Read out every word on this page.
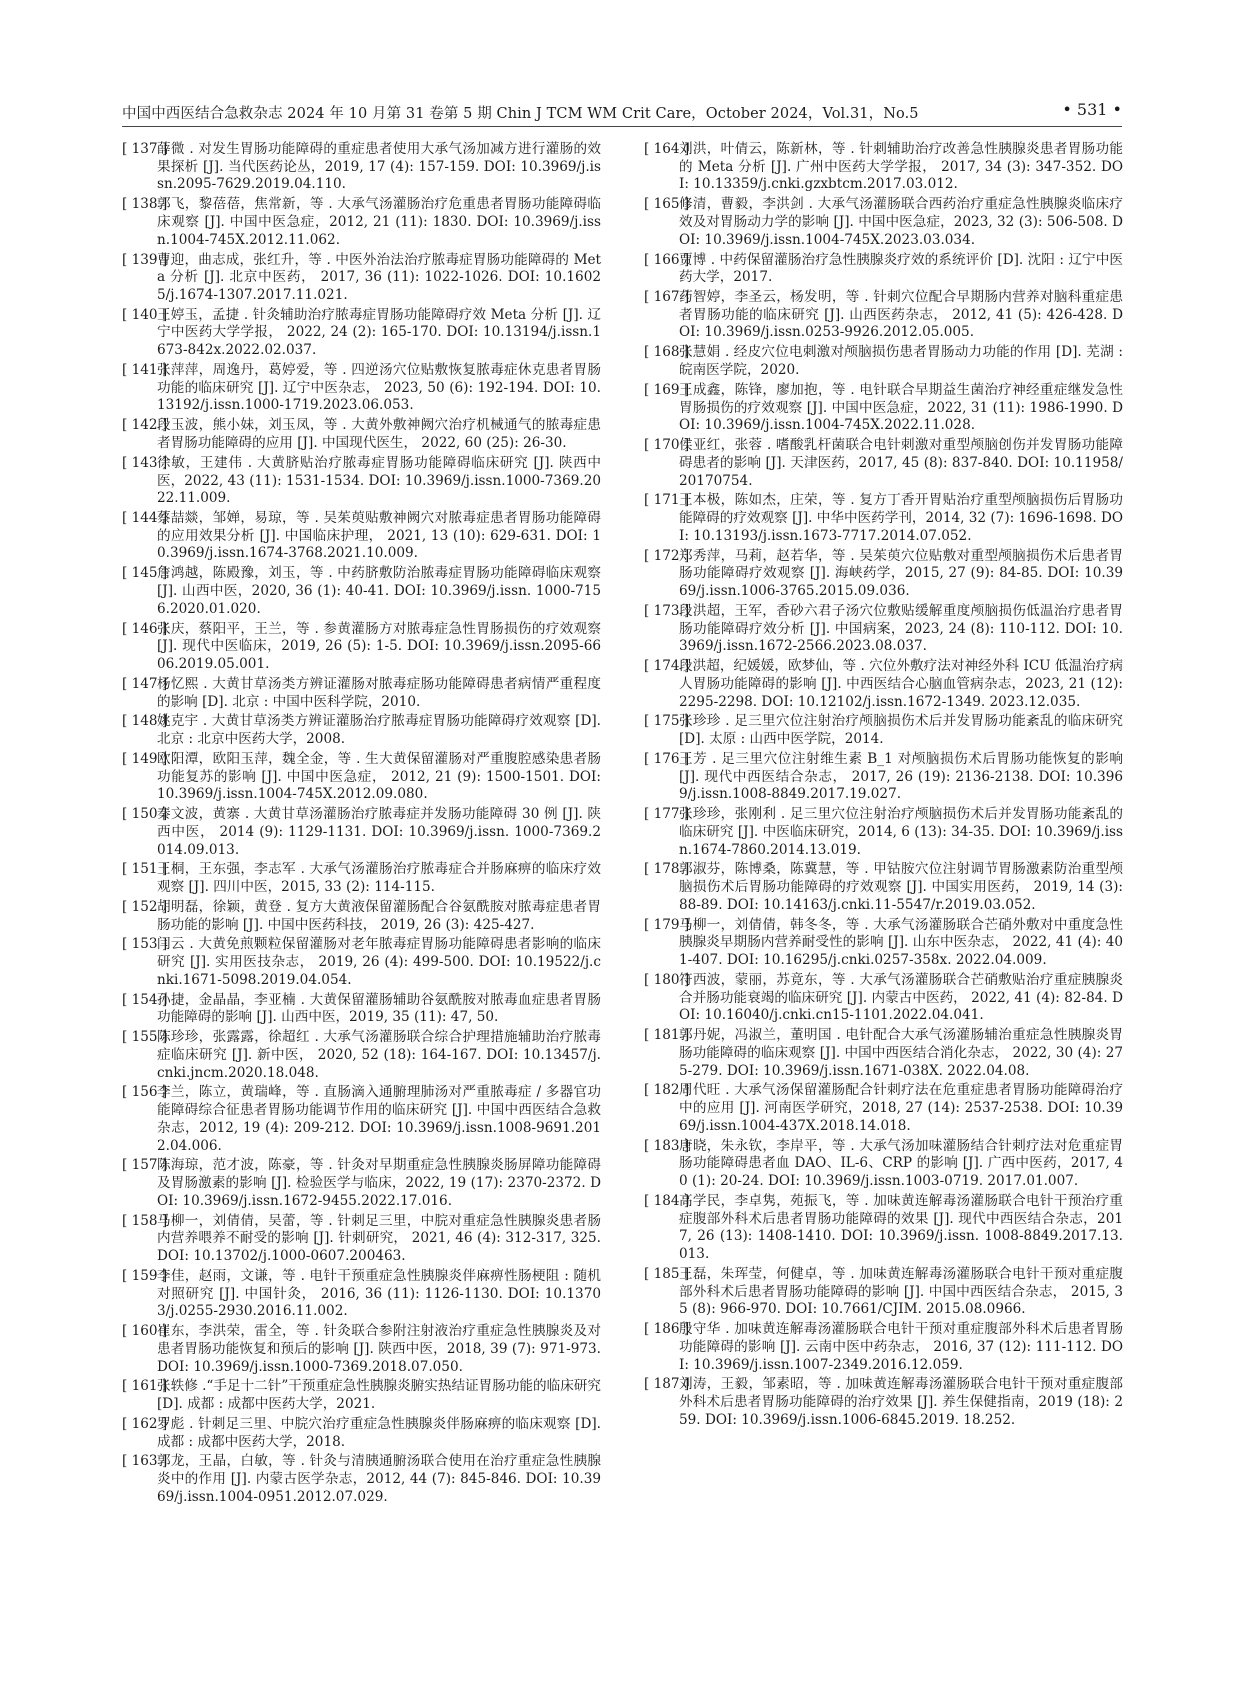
中国中西医结合急救杂志 2024 年 10 月第 31 卷第 5 期 Chin J TCM WM Crit Care，October 2024，Vol.31，No.5	• 531 •
[ 137 ]
薛微 . 对发生胃肠功能障碍的重症患者使用大承气汤加减方进行灌肠的效果探析 [J]. 当代医药论丛，2019, 17 (4): 157-159. DOI: 10.3969/j.issn.2095-7629.2019.04.110.
[ 138 ]
郭飞，黎蓓蓓，焦常新，等 . 大承气汤灌肠治疗危重患者胃肠功能障碍临床观察 [J]. 中国中医急症，2012, 21 (11): 1830. DOI: 10.3969/j.issn.1004-745X.2012.11.062.
[ 139 ]
曹迎，曲志成，张红升，等 . 中医外治法治疗脓毒症胃肠功能障碍的 Meta 分析 [J]. 北京中医药， 2017, 36 (11): 1022-1026. DOI: 10.16025/j.1674-1307.2017.11.021.
[ 140 ]
王婷玉，孟捷 . 针灸辅助治疗脓毒症胃肠功能障碍疗效 Meta 分析 [J]. 辽宁中医药大学学报， 2022, 24 (2): 165-170. DOI: 10.13194/j.issn.1673-842x.2022.02.037.
[ 141 ]
张萍萍，周逸丹，葛婷爱，等 . 四逆汤穴位贴敷恢复脓毒症休克患者胃肠功能的临床研究 [J]. 辽宁中医杂志， 2023, 50 (6): 192-194. DOI: 10.13192/j.issn.1000-1719.2023.06.053.
[ 142 ]
段玉波，熊小妹，刘玉凤，等 . 大黄外敷神阙穴治疗机械通气的脓毒症患者胃肠功能障碍的应用 [J]. 中国现代医生， 2022, 60 (25): 26-30.
[ 143 ]
徐敏，王建伟 . 大黄脐贴治疗脓毒症胃肠功能障碍临床研究 [J]. 陕西中医，2022, 43 (11): 1531-1534. DOI: 10.3969/j.issn.1000-7369.2022.11.009.
[ 144 ]
蔡喆燚，邹婵，易琼，等 . 吴茱萸贴敷神阙穴对脓毒症患者胃肠功能障碍的应用效果分析 [J]. 中国临床护理， 2021, 13 (10): 629-631. DOI: 10.3969/j.issn.1674-3768.2021.10.009.
[ 145 ]
詹鸿越，陈殿豫，刘玉，等 . 中药脐敷防治脓毒症胃肠功能障碍临床观察 [J]. 山西中医，2020, 36 (1): 40-41. DOI: 10.3969/j.issn. 1000-7156.2020.01.020.
[ 146 ]
张庆，蔡阳平，王兰，等 . 参黄灌肠方对脓毒症急性胃肠损伤的疗效观察 [J]. 现代中医临床，2019, 26 (5): 1-5. DOI: 10.3969/j.issn.2095-6606.2019.05.001.
[ 147 ]
杨忆熙 . 大黄甘草汤类方辨证灌肠对脓毒症肠功能障碍患者病情严重程度的影响 [D]. 北京 : 中国中医科学院，2010.
[ 148 ]
姚克宇 . 大黄甘草汤类方辨证灌肠治疗脓毒症胃肠功能障碍疗效观察 [D]. 北京 : 北京中医药大学，2008.
[ 149 ]
欧阳潭，欧阳玉萍，魏全金，等 . 生大黄保留灌肠对严重腹腔感染患者肠功能复苏的影响 [J]. 中国中医急症， 2012, 21 (9): 1500-1501. DOI: 10.3969/j.issn.1004-745X.2012.09.080.
[ 150 ]
秦文波，黄寨 . 大黄甘草汤灌肠治疗脓毒症并发肠功能障碍 30 例 [J]. 陕西中医， 2014 (9): 1129-1131. DOI: 10.3969/j.issn. 1000-7369.2014.09.013.
[ 151 ]
王桐，王东强，李志军 . 大承气汤灌肠治疗脓毒症合并肠麻痹的临床疗效观察 [J]. 四川中医，2015, 33 (2): 114-115.
[ 152 ]
胡明磊，徐颖，黄登 . 复方大黄液保留灌肠配合谷氨酰胺对脓毒症患者胃肠功能的影响 [J]. 中国中医药科技， 2019, 26 (3): 425-427.
[ 153 ]
闫云 . 大黄免煎颗粒保留灌肠对老年脓毒症胃肠功能障碍患者影响的临床研究 [J]. 实用医技杂志， 2019, 26 (4): 499-500. DOI: 10.19522/j.cnki.1671-5098.2019.04.054.
[ 154 ]
孙捷，金晶晶，李亚楠 . 大黄保留灌肠辅助谷氨酰胺对脓毒血症患者胃肠功能障碍的影响 [J]. 山西中医，2019, 35 (11): 47, 50.
[ 155 ]
陈珍珍，张露露，徐超红 . 大承气汤灌肠联合综合护理措施辅助治疗脓毒症临床研究 [J]. 新中医， 2020, 52 (18): 164-167. DOI: 10.13457/j.cnki.jncm.2020.18.048.
[ 156 ]
李兰，陈立，黄瑞峰，等 . 直肠滴入通腑理肺汤对严重脓毒症 / 多器官功能障碍综合征患者胃肠功能调节作用的临床研究 [J]. 中国中西医结合急救杂志，2012, 19 (4): 209-212. DOI: 10.3969/j.issn.1008-9691.2012.04.006.
[ 157 ]
陈海琼，范才波，陈豪，等 . 针灸对早期重症急性胰腺炎肠屏障功能障碍及胃肠激素的影响 [J]. 检验医学与临床，2022, 19 (17): 2370-2372. DOI: 10.3969/j.issn.1672-9455.2022.17.016.
[ 158 ]
马柳一，刘倩倩，吴蕾，等 . 针刺足三里，中脘对重症急性胰腺炎患者肠内营养喂养不耐受的影响 [J]. 针刺研究， 2021, 46 (4): 312-317, 325. DOI: 10.13702/j.1000-0607.200463.
[ 159 ]
李佳，赵雨，文谦，等 . 电针干预重症急性胰腺炎伴麻痹性肠梗阻 : 随机对照研究 [J]. 中国针灸， 2016, 36 (11): 1126-1130. DOI: 10.13703/j.0255-2930.2016.11.002.
[ 160 ]
崔东，李洪荣，雷全，等 . 针灸联合参附注射液治疗重症急性胰腺炎及对患者胃肠功能恢复和预后的影响 [J]. 陕西中医，2018, 39 (7): 971-973. DOI: 10.3969/j.issn.1000-7369.2018.07.050.
[ 161 ]
张轶修 .“手足十二针”干预重症急性胰腺炎腑实热结证胃肠功能的临床研究 [D]. 成都 : 成都中医药大学，2021.
[ 162 ]
罗彪 . 针刺足三里、中脘穴治疗重症急性胰腺炎伴肠麻痹的临床观察 [D]. 成都 : 成都中医药大学，2018.
[ 163 ]
郭龙，王晶，白敏，等 . 针灸与清胰通腑汤联合使用在治疗重症急性胰腺炎中的作用 [J]. 内蒙古医学杂志，2012, 44 (7): 845-846. DOI: 10.3969/j.issn.1004-0951.2012.07.029.
[ 164 ]
刘洪，叶倩云，陈新林，等 . 针刺辅助治疗改善急性胰腺炎患者胃肠功能的 Meta 分析 [J]. 广州中医药大学学报， 2017, 34 (3): 347-352. DOI: 10.13359/j.cnki.gzxbtcm.2017.03.012.
[ 165 ]
修清，曹毅，李洪剑 . 大承气汤灌肠联合西药治疗重症急性胰腺炎临床疗效及对胃肠动力学的影响 [J]. 中国中医急症，2023, 32 (3): 506-508. DOI: 10.3969/j.issn.1004-745X.2023.03.034.
[ 166 ]
贾博 . 中药保留灌肠治疗急性胰腺炎疗效的系统评价 [D]. 沈阳 : 辽宁中医药大学，2017.
[ 167 ]
药智婷，李圣云，杨发明，等 . 针刺穴位配合早期肠内营养对脑科重症患者胃肠功能的临床研究 [J]. 山西医药杂志， 2012, 41 (5): 426-428. DOI: 10.3969/j.issn.0253-9926.2012.05.005.
[ 168 ]
张慧娟 . 经皮穴位电刺激对颅脑损伤患者胃肠动力功能的作用 [D]. 芜湖 : 皖南医学院，2020.
[ 169 ]
王成鑫，陈锋，廖加抱，等 . 电针联合早期益生菌治疗神经重症继发急性胃肠损伤的疗效观察 [J]. 中国中医急症，2022, 31 (11): 1986-1990. DOI: 10.3969/j.issn.1004-745X.2022.11.028.
[ 170 ]
侯亚红，张蓉 . 嗜酸乳杆菌联合电针刺激对重型颅脑创伤并发胃肠功能障碍患者的影响 [J]. 天津医药，2017, 45 (8): 837-840. DOI: 10.11958/20170754.
[ 171 ]
王本极，陈如杰，庄荣，等 . 复方丁香开胃贴治疗重型颅脑损伤后胃肠功能障碍的疗效观察 [J]. 中华中医药学刊，2014, 32 (7): 1696-1698. DOI: 10.13193/j.issn.1673-7717.2014.07.052.
[ 172 ]
郑秀萍，马莉，赵若华，等 . 吴茱萸穴位贴敷对重型颅脑损伤术后患者胃肠功能障碍疗效观察 [J]. 海峡药学，2015, 27 (9): 84-85. DOI: 10.3969/j.issn.1006-3765.2015.09.036.
[ 173 ]
段洪超，王军，香砂六君子汤穴位敷贴缓解重度颅脑损伤低温治疗患者胃肠功能障碍疗效分析 [J]. 中国病案，2023, 24 (8): 110-112. DOI: 10.3969/j.issn.1672-2566.2023.08.037.
[ 174 ]
段洪超，纪媛媛，欧梦仙，等 . 穴位外敷疗法对神经外科 ICU 低温治疗病人胃肠功能障碍的影响 [J]. 中西医结合心脑血管病杂志，2023, 21 (12): 2295-2298. DOI: 10.12102/j.issn.1672-1349. 2023.12.035.
[ 175 ]
张珍珍 . 足三里穴位注射治疗颅脑损伤术后并发胃肠功能紊乱的临床研究 [D]. 太原 : 山西中医学院，2014.
[ 176 ]
王芳 . 足三里穴位注射维生素 B_1 对颅脑损伤术后胃肠功能恢复的影响 [J]. 现代中西医结合杂志， 2017, 26 (19): 2136-2138. DOI: 10.3969/j.issn.1008-8849.2017.19.027.
[ 177 ]
张珍珍，张刚利 . 足三里穴位注射治疗颅脑损伤术后并发胃肠功能紊乱的临床研究 [J]. 中医临床研究，2014, 6 (13): 34-35. DOI: 10.3969/j.issn.1674-7860.2014.13.019.
[ 178 ]
郭淑芬，陈博桑，陈冀慧，等 . 甲钴胺穴位注射调节胃肠激素防治重型颅脑损伤术后胃肠功能障碍的疗效观察 [J]. 中国实用医药， 2019, 14 (3): 88-89. DOI: 10.14163/j.cnki.11-5547/r.2019.03.052.
[ 179 ]
马柳一，刘倩倩，韩冬冬，等 . 大承气汤灌肠联合芒硝外敷对中重度急性胰腺炎早期肠内营养耐受性的影响 [J]. 山东中医杂志， 2022, 41 (4): 401-407. DOI: 10.16295/j.cnki.0257-358x. 2022.04.009.
[ 180 ]
符西波，蒙丽，苏竟东，等 . 大承气汤灌肠联合芒硝敷贴治疗重症胰腺炎合并肠功能衰竭的临床研究 [J]. 内蒙古中医药， 2022, 41 (4): 82-84. DOI: 10.16040/j.cnki.cn15-1101.2022.04.041.
[ 181 ]
郭丹妮，冯淑兰，董明国 . 电针配合大承气汤灌肠辅治重症急性胰腺炎胃肠功能障碍的临床观察 [J]. 中国中西医结合消化杂志， 2022, 30 (4): 275-279. DOI: 10.3969/j.issn.1671-038X. 2022.04.08.
[ 182 ]
周代旺 . 大承气汤保留灌肠配合针刺疗法在危重症患者胃肠功能障碍治疗中的应用 [J]. 河南医学研究，2018, 27 (14): 2537-2538. DOI: 10.3969/j.issn.1004-437X.2018.14.018.
[ 183 ]
唐晓，朱永钦，李岸平，等 . 大承气汤加味灌肠结合针刺疗法对危重症胃肠功能障碍患者血 DAO、IL-6、CRP 的影响 [J]. 广西中医药，2017, 40 (1): 20-24. DOI: 10.3969/j.issn.1003-0719. 2017.01.007.
[ 184 ]
高学民，李卓隽，苑振飞，等 . 加味黄连解毒汤灌肠联合电针干预治疗重症腹部外科术后患者胃肠功能障碍的效果 [J]. 现代中西医结合杂志，2017, 26 (13): 1408-1410. DOI: 10.3969/j.issn. 1008-8849.2017.13.013.
[ 185 ]
王磊，朱珲莹，何健卓，等 . 加味黄连解毒汤灌肠联合电针干预对重症腹部外科术后患者胃肠功能障碍的影响 [J]. 中国中西医结合杂志， 2015, 35 (8): 966-970. DOI: 10.7661/CJIM. 2015.08.0966.
[ 186 ]
殷守华 . 加味黄连解毒汤灌肠联合电针干预对重症腹部外科术后患者胃肠功能障碍的影响 [J]. 云南中医中药杂志， 2016, 37 (12): 111-112. DOI: 10.3969/j.issn.1007-2349.2016.12.059.
[ 187 ]
刘涛，王毅，邹素昭，等 . 加味黄连解毒汤灌肠联合电针干预对重症腹部外科术后患者胃肠功能障碍的治疗效果 [J]. 养生保健指南，2019 (18): 259. DOI: 10.3969/j.issn.1006-6845.2019. 18.252.
